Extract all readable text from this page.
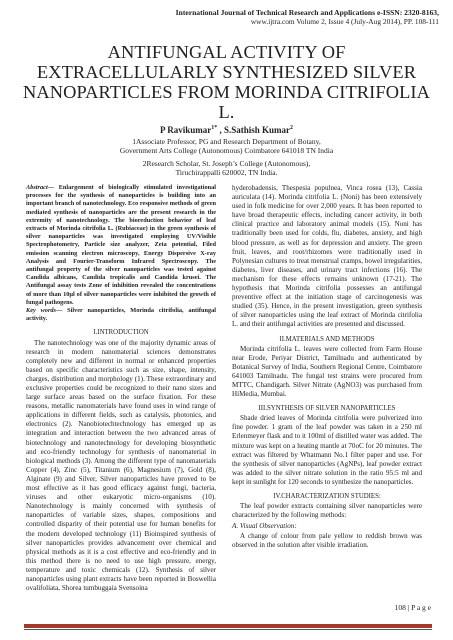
International Journal of Technical Research and Applications e-ISSN: 2320-8163,
www.ijtra.com Volume 2, Issue 4 (July-Aug 2014), PP. 108-111
ANTIFUNGAL ACTIVITY OF EXTRACELLULARLY SYNTHESIZED SILVER NANOPARTICLES FROM MORINDA CITRIFOLIA L.
P Ravikumar$^{1*}$ , S.Sathish Kumar$^2$
1Associate Professor, PG and Research Department of Botany,
Government Arts College (Autonomous) Coimbatore 641018 TN India
2Research Scholar, St. Joseph’s College (Autonomous),
Tiruchirappalli 620002, TN India.
Abstract— Enlargement of biologically stimulated investigational processes for the synthesis of nanoparticles is building into an important branch of nanotechnology. Eco responsive methods of green mediated synthesis of nanoparticles are the present research in the extremity of nanotechnology. The bioreduction behavior of leaf extracts of Morinda citrifolia L. (Rubiaceae) in the green synthesis of silver nanoparticles was investigated employing UV/Visible Spectrophotometry, Particle size analyzer, Zeta potential, Filed emission scanning electron microscopy, Energy Dispersive X-ray Analysis and Fourier-Transform Infrared Spectroscopy. The antifungal property of the silver nanoparticles was tested against Candida albicans, Candida tropicalis and Candida krusei. The Antifungal assay tests Zone of inhibition revealed the concentrations of more than 10µl of silver nanoparticles were inhibited the growth of fungal pathogens.
Key words— Silver nanoparticles, Morinda citrifolia, antifungal activity.
I.INTRODUCTION

The nanotechnology was one of the majority dynamic areas of research in modern nanomaterial sciences demonstrates completely new and different in normal or enhanced properties based on specific characteristics such as size, shape, intensity, charges, distribution and morphology (1). These extraordinary and exclusive properties could be recognized to their nano sizes and large surface areas based on the surface fixation. For these reasons, metallic nanomaterials have found uses in wind range of applications in different fields, such as catalysis, photonics, and electronics (2). Nanobiotechtechnology has emerged up as integration and interaction between the two advanced areas of biotechnology and nanotechnology for developing biosynthetic and eco-friendly technology for synthesis of nanomaterial in biological methods (3). Among the different type of nanomaterials Copper (4), Zinc (5), Titanium (6), Magnesium (7), Gold (8), Alginate (9) and Silver, Silver nanoparticles have proved to be most effective as it has good efficacy against fungi, bacteria, viruses and other eukaryotic micro-organisms (10). Nanotechnology is mainly concerned with synthesis of nanoparticles of variable sizes, shapes, compositions and controlled disparity of their potential use for human benefits for the modern developed technology (11) Bioinspired synthesis of silver nanoparticles provides advancement over chemical and physical methods as it is a cost effective and eco-friendly and in this method there is no need to use high pressure, energy, temperature and toxic chemicals (12). Synthesis of silver nanoparticles using plant extracts have been reported in Boswellia ovalifoliata, Shorea tumbuggaia Svensoina

hyderobadensis, Thespesia populnea, Vinca rosea (13), Cassia auriculata (14). Morinda citrifolia L. (Noni) has been extensively used in folk medicine for over 2,000 years. It has been reported to have broad therapeutic effects, including cancer activity, in both clinical practice and laboratory animal models (15). Noni has traditionally been used for colds, flu, diabetes, anxiety, and high blood pressure, as well as for depression and anxiety. The green fruit, leaves, and root/rhizomes were traditionally used in Polynesian cultures to treat menstrual cramps, bowel irregularities, diabetes, liver diseases, and urinary tract infections (16). The mechanism for these effects remains unknown (17-21). The hypothesis that Morinda citrifolia possesses an antifungal preventive effect at the initiation stage of carcinogenesis was studied (35). Hence, in the present investigation, green synthesis of silver nanoparticles using the leaf extract of Morinda citrifolia L. and their antifungal activities are presented and discussed.

II.MATERIALS AND METHODS

Morinda citrifolia L. leaves were collected from Farm House near Erode, Periyar District, Tamilnadu and authenticated by Botanical Survey of India, Southern Regional Centre, Coimbatore 641003 Tamilnadu. The fungal test strains were procured from MTTC, Chandigarh. Silver Nitrate (AgNO3) was purchased from HiMedia, Mumbai.

III.SYNTHESIS OF SILVER NANOPARTICLES

Shade dried leaves of Morinda citrifolia were pulverized into fine powder. 1 gram of the leaf powder was taken in a 250 ml Erlenmeyer flask and to it 100ml of distilled water was added. The mixture was kept on a heating mantle at 70oC for 20 minutes. The extract was filtered by Whatmann No.1 filter paper and use. For the synthesis of silver nanoparticles (AgNPs), leaf powder extract was added to the silver nitrate solution in the ratio 95:5 ml and kept in sunlight for 120 seconds to synthesize the nanoparticles.

IV.CHARACTERIZATION STUDIES:

The leaf powder extracts containing silver nanoparticles were characterized by the following methods:

A. Visual Observation:

A change of colour from pale yellow to reddish brown was observed in the solution after visible irradiation.

108 | P a g e
